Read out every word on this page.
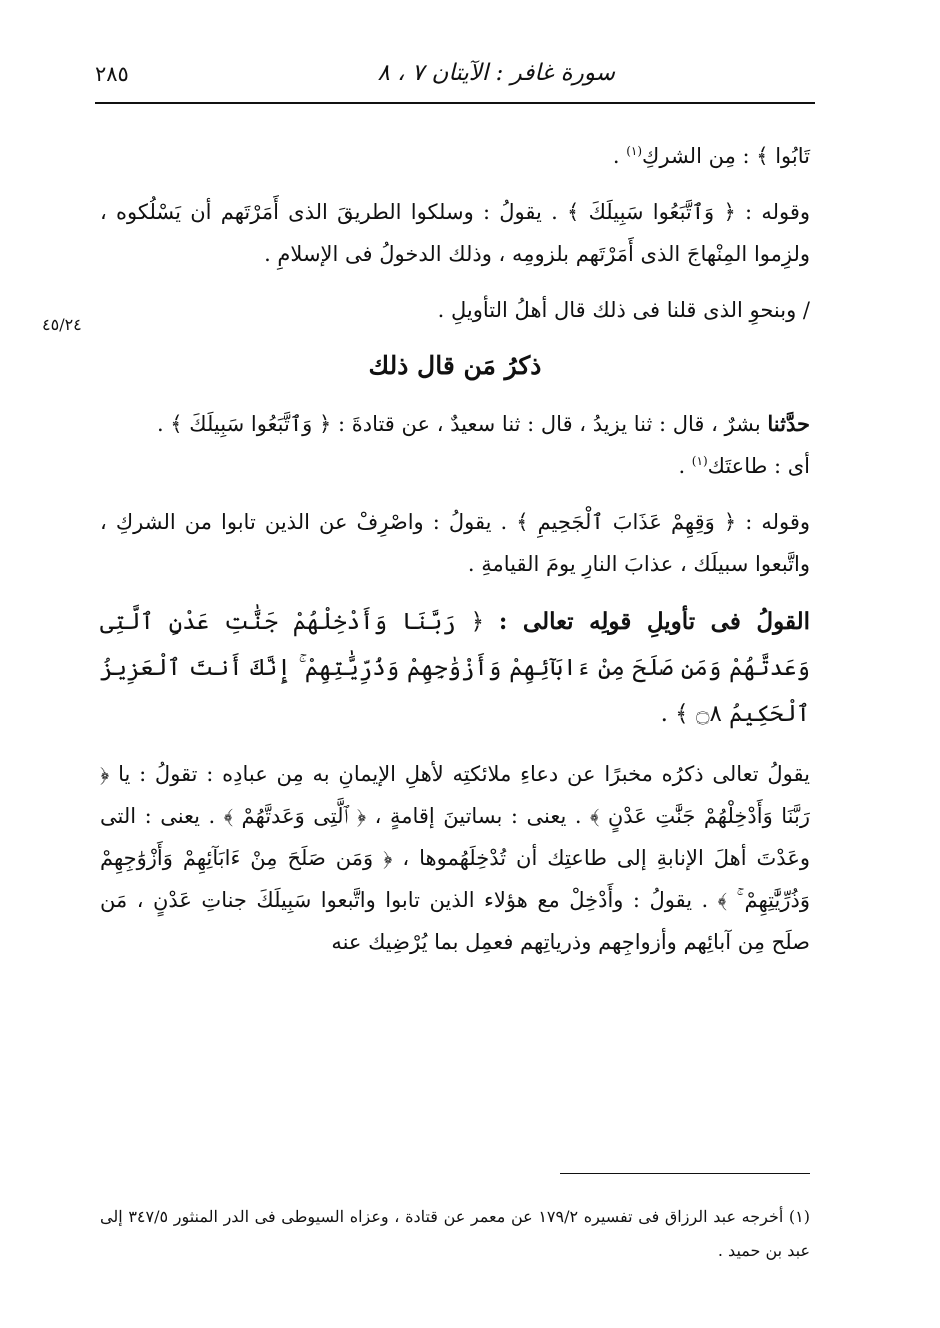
سورة غافر : الآيتان ٧ ، ٨
٢٨٥
٤٥/٢٤

تَابُوا ﴾ : مِن الشركِ$^{(١)}$ .

وقوله : ﴿ وَٱتَّبَعُوا سَبِيلَكَ ﴾ . يقولُ : وسلكوا الطريقَ الذى أَمَرْتَهم أن يَسْلُكوه ، ولزِموا المِنْهاجَ الذى أَمَرْتَهم بلزومِه ، وذلك الدخولُ فى الإسلامِ .

/ وبنحوِ الذى قلنا فى ذلك قال أهلُ التأويلِ .

ذكرُ مَن قال ذلك

حدَّثنا بشرٌ ، قال : ثنا يزيدُ ، قال : ثنا سعيدٌ ، عن قتادةَ : ﴿ وَٱتَّبَعُوا سَبِيلَكَ ﴾ .

أى : طاعتَك$^{(١)}$ .

وقوله : ﴿ وَقِهِمْ عَذَابَ ٱلْجَحِيمِ ﴾ . يقولُ : واصْرِفْ عن الذين تابوا من الشركِ ، واتَّبعوا سبيلَك ، عذابَ النارِ يومَ القيامةِ .

القولُ فى تأويلِ قولِه تعالى : ﴿ رَبَّنَا وَأَدْخِلْهُمْ جَنَّٰتِ عَدْنٍ ٱلَّتِى وَعَدتَّهُمْ وَمَن صَلَحَ مِنْ ءَابَآئِهِمْ وَأَزْوَٰجِهِمْ وَذُرِّيَّٰتِهِمْ ۚ إِنَّكَ أَنتَ ٱلْعَزِيزُ ٱلْحَكِيمُ ۝٨ ﴾ .

يقولُ تعالى ذكرُه مخبرًا عن دعاءِ ملائكتِه لأهلِ الإيمانِ به مِن عبادِه : تقولُ : يا ﴿ رَبَّنَا وَأَدْخِلْهُمْ جَنَّٰتِ عَدْنٍ ﴾ . يعنى : بساتينَ إقامةٍ ، ﴿ ٱلَّتِى وَعَدتَّهُمْ ﴾ . يعنى : التى وعَدْتَ أهلَ الإنابةِ إلى طاعتِك أن تُدْخِلَهُموها ، ﴿ وَمَن صَلَحَ مِنْ ءَابَآئِهِمْ وَأَزْوَٰجِهِمْ وَذُرِّيَّٰتِهِمْ ۚ ﴾ . يقولُ : وأَدْخِلْ مع هؤلاء الذين تابوا واتَّبعوا سَبِيلَكَ جناتِ عَدْنٍ ، مَن صلَح مِن آبائِهم وأزواجِهم وذرياتِهم فعمِل بما يُرْضِيك عنه

(١) أخرجه عبد الرزاق فى تفسيره ١٧٩/٢ عن معمر عن قتادة ، وعزاه السيوطى فى الدر المنثور ٣٤٧/٥ إلى عبد بن حميد .
